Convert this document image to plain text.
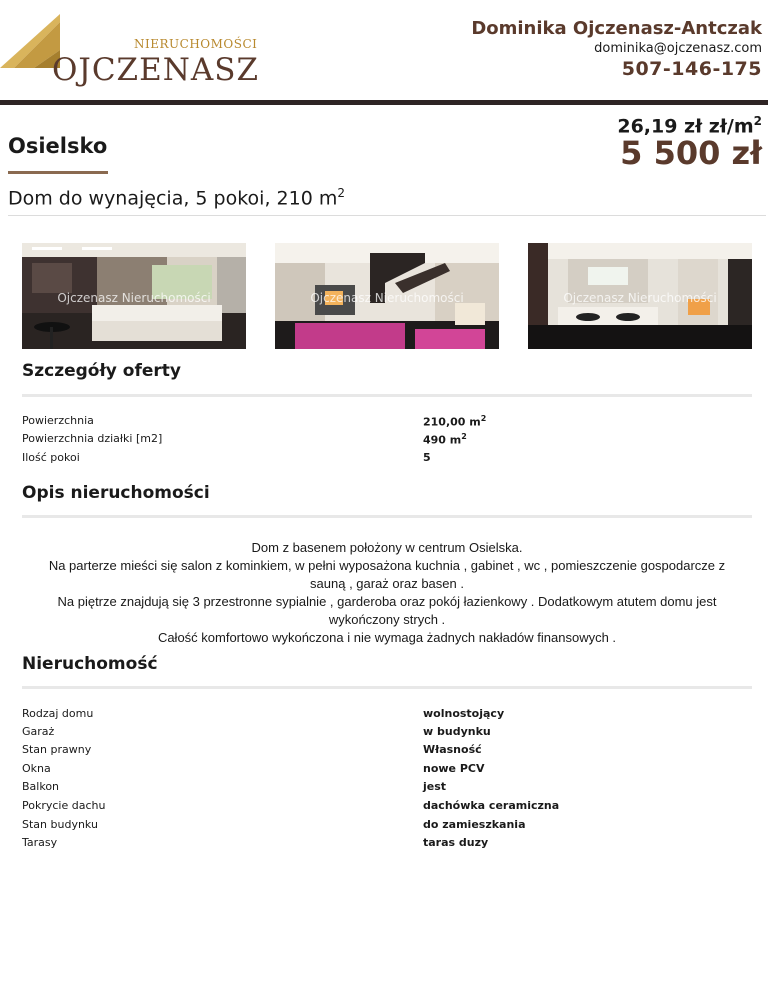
NIERUCHOMOŚCI
OJCZENASZ
Dominika Ojczenasz-Antczak
dominika@ojczenasz.com
507-146-175
Osielsko
26,19 zł $zł/m^2$
5 500 zł
Dom do wynajęcia, 5 pokoi, 210 $m^2$
Ojczenasz Nieruchomości	Ojczenasz Nieruchomości	Ojczenasz Nieruchomości
Szczegóły oferty
Powierzchnia	210,00 $m^2$
Powierzchnia działki [m2]	490 $m^2$
Ilość pokoi	5
Opis nieruchomości

Dom z basenem położony w centrum Osielska.

Na parterze mieści się salon z kominkiem, w pełni wyposażona kuchnia , gabinet , wc , pomieszczenie gospodarcze z

sauną , garaż oraz basen .

Na piętrze znajdują się 3 przestronne sypialnie , garderoba oraz pokój łazienkowy . Dodatkowym atutem domu jest

wykończony strych .

Całość komfortowo wykończona i nie wymaga żadnych nakładów finansowych .

Nieruchomość
Rodzaj domu	wolnostojący
Garaż	w budynku
Stan prawny	Własność
Okna	nowe PCV
Balkon	jest
Pokrycie dachu	dachówka ceramiczna
Stan budynku	do zamieszkania
Tarasy	taras duzy
